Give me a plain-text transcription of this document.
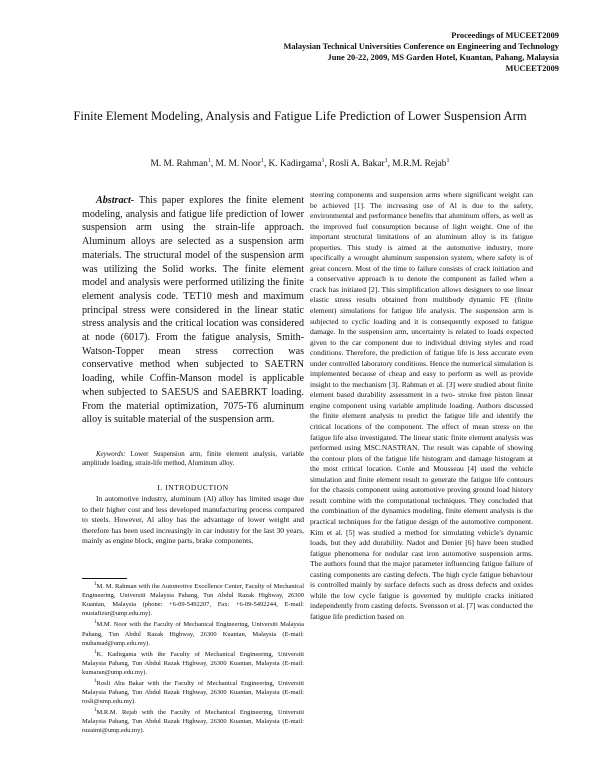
Proceedings of MUCEET2009
Malaysian Technical Universities Conference on Engineering and Technology
June 20-22, 2009, MS Garden Hotel, Kuantan, Pahang, Malaysia
MUCEET2009
Finite Element Modeling, Analysis and Fatigue Life Prediction of Lower Suspension Arm
M. M. Rahman$^1$, M. M. Noor$^1$, K. Kadirgama$^1$, Rosli A. Bakar$^1$, M.R.M. Rejab$^1$
Abstract- This paper explores the finite element modeling, analysis and fatigue life prediction of lower suspension arm using the strain-life approach. Aluminum alloys are selected as a suspension arm materials. The structural model of the suspension arm was utilizing the Solid works. The finite element model and analysis were performed utilizing the finite element analysis code. TET10 mesh and maximum principal stress were considered in the linear static stress analysis and the critical location was considered at node (6017). From the fatigue analysis, Smith-Watson-Topper mean stress correction was conservative method when subjected to SAETRN loading, while Coffin-Manson model is applicable when subjected to SAESUS and SAEBRKT loading. From the material optimization, 7075-T6 aluminum alloy is suitable material of the suspension arm.
Keywords: Lower Suspension arm, finite element analysis, variable amplitude loading, strain-life method, Aluminum alloy.
I. INTRODUCTION

In automotive industry, aluminum (Al) alloy has limited usage due to their higher cost and less developed manufacturing process compared to steels. However, Al alloy has the advantage of lower weight and therefore has been used increasingly in car industry for the last 30 years, mainly as engine block, engine parts, brake components,

$^1$M. M. Rahman with the Automotive Excellence Center, Faculty of Mechanical Engineering, Universiti Malaysia Pahang, Tun Abdul Razak Highway, 26300 Kuantan, Malaysia (phone: +6-09-5492207, Fax: +6-09-5492244, E-mail: mustafizur@ump.edu.my).

$^1$M.M. Noor with the Faculty of Mechanical Engineering, Universiti Malaysia Pahang, Tun Abdul Razak Highway, 26300 Kuantan, Malaysia (E-mail: muhamad@ump.edu.my).

$^1$K. Kadirgama with the Faculty of Mechanical Engineering, Universiti Malaysia Pahang, Tun Abdul Razak Highway, 26300 Kuantan, Malaysia (E-mail: kumaran@ump.edu.my).

$^1$Rosli Abu Bakar with the Faculty of Mechanical Engineering, Universiti Malaysia Pahang, Tun Abdul Razak Highway, 26300 Kuantan, Malaysia (E-mail: rosli@ump.edu.my).

$^1$M.R.M. Rejab with the Faculty of Mechanical Engineering, Universiti Malaysia Pahang, Tun Abdul Razak Highway, 26300 Kuantan, Malaysia (E-mail: ruzaimi@ump.edu.my).

steering components and suspension arms where significant weight can be achieved [1]. The increasing use of Al is due to the safety, environmental and performance benefits that aluminum offers, as well as the improved fuel consumption because of light weight. One of the important structural limitations of an aluminum alloy is its fatigue properties. This study is aimed at the automotive industry, more specifically a wrought aluminum suspension system, where safety is of great concern. Most of the time to failure consists of crack initiation and a conservative approach is to denote the component as failed when a crack has initiated [2]. This simplification allows designers to use linear elastic stress results obtained from multibody dynamic FE (finite element) simulations for fatigue life analysis. The suspension arm is subjected to cyclic loading and it is consequently exposed to fatigue damage. In the suspension arm, uncertainty is related to loads expected given to the car component due to individual driving styles and road conditions. Therefore, the prediction of fatigue life is less accurate even under controlled laboratory conditions. Hence the numerical simulation is implemented because of cheap and easy to perform as well as provide insight to the mechanism [3]. Rahman et al. [3] were studied about finite element based durability assessment in a two- stroke free piston linear engine component using variable amplitude loading. Authors discussed the finite element analysis to predict the fatigue life and identify the critical locations of the component. The effect of mean stress on the fatigue life also investigated. The linear static finite element analysis was performed using MSC.NASTRAN. The result was capable of showing the contour plots of the fatigue life histogram and damage histogram at the most critical location. Conle and Mousseau [4] used the vehicle simulation and finite element result to generate the fatigue life contours for the chassis component using automotive proving ground load history result combine with the computational techniques. They concluded that the combination of the dynamics modeling, finite element analysis is the practical techniques for the fatigue design of the automotive component. Kim et al. [5] was studied a method for simulating vehicle's dynamic loads, but they add durability. Nadot and Denier [6] have been studied fatigue phenomena for nodular cast iron automotive suspension arms. The authors found that the major parameter influencing fatigue failure of casting components are casting defects. The high cycle fatigue behaviour is controlled mainly by surface defects such as dross defects and oxides while the low cycle fatigue is governed by multiple cracks initiated independently from casting defects. Svensson et al. [7] was conducted the fatigue life prediction based on
